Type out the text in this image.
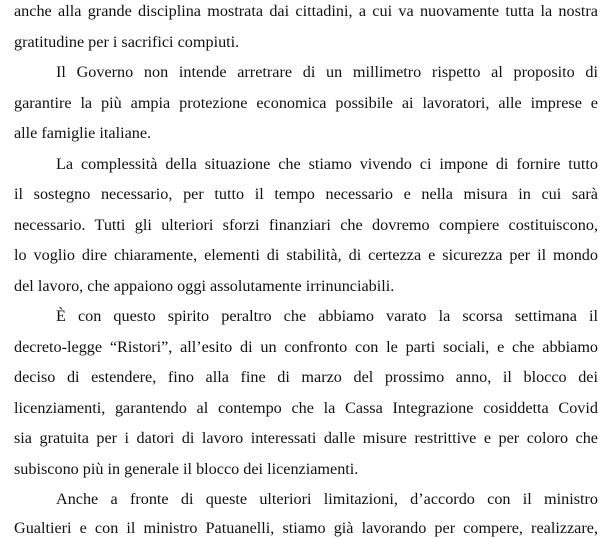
anche alla grande disciplina mostrata dai cittadini, a cui va nuovamente tutta la nostra
gratitudine per i sacrifici compiuti.
Il Governo non intende arretrare di un millimetro rispetto al proposito di
garantire la più ampia protezione economica possibile ai lavoratori, alle imprese e
alle famiglie italiane.
La complessità della situazione che stiamo vivendo ci impone di fornire tutto
il sostegno necessario, per tutto il tempo necessario e nella misura in cui sarà
necessario. Tutti gli ulteriori sforzi finanziari che dovremo compiere costituiscono,
lo voglio dire chiaramente, elementi di stabilità, di certezza e sicurezza per il mondo
del lavoro, che appaiono oggi assolutamente irrinunciabili.
È con questo spirito peraltro che abbiamo varato la scorsa settimana il
decreto-legge “Ristori”, all’esito di un confronto con le parti sociali, e che abbiamo
deciso di estendere, fino alla fine di marzo del prossimo anno, il blocco dei
licenziamenti, garantendo al contempo che la Cassa Integrazione cosiddetta Covid
sia gratuita per i datori di lavoro interessati dalle misure restrittive e per coloro che
subiscono più in generale il blocco dei licenziamenti.
Anche a fronte di queste ulteriori limitazioni, d’accordo con il ministro
Gualtieri e con il ministro Patuanelli, stiamo già lavorando per compere, realizzare,
